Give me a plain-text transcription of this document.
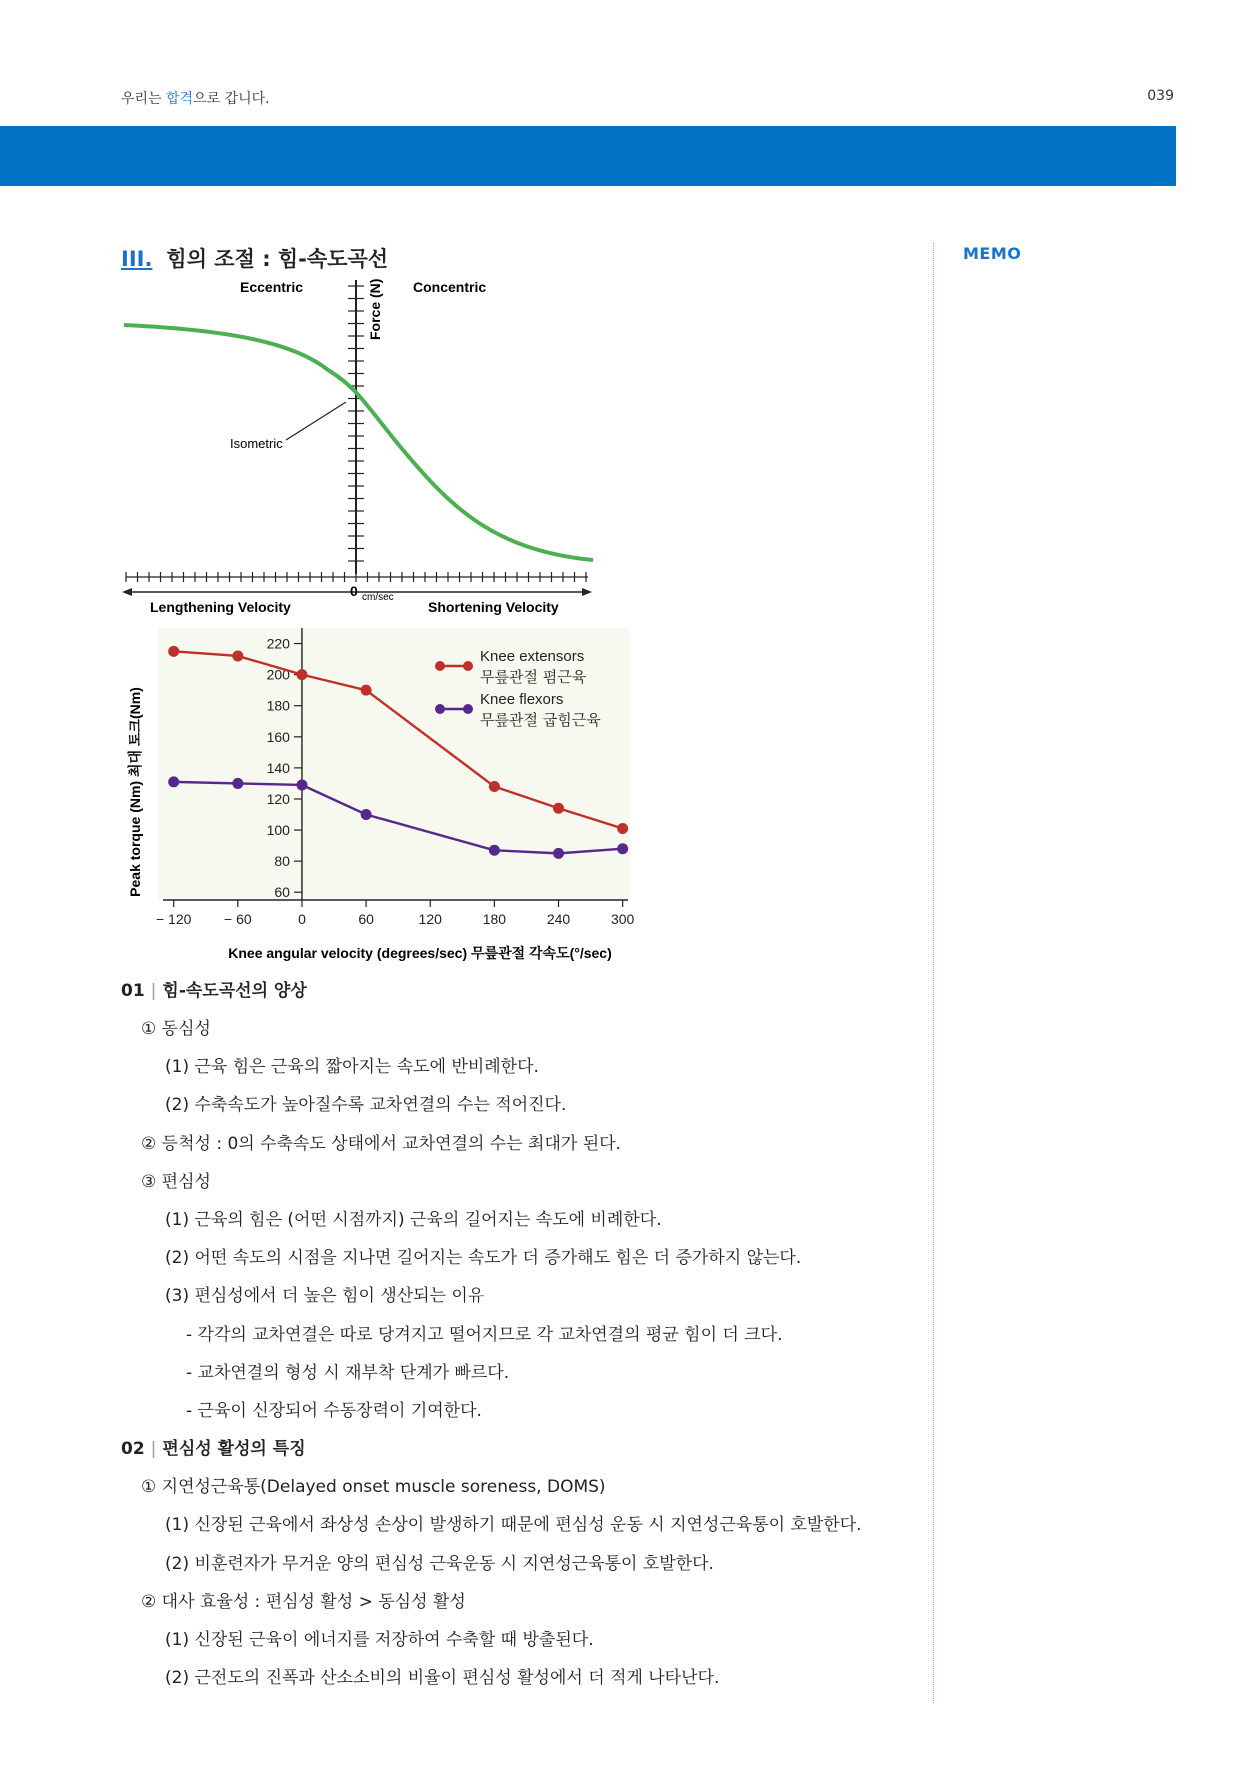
우리는 합격으로 갑니다.	039
III. 힘의 조절 : 힘-속도곡선	MEMO
Eccentric	Concentric
Force (N)
Isometric
0 cm/sec
Lengthening Velocity	Shortening Velocity
60
80
100
120
140
160
180
200
220
− 120 − 60	0	60	120	180	240	300
Knee extensors
무릎관절 폄근육
Knee flexors
무릎관절 굽힘근육
Peak torque (Nm) 최대 토크(Nm)
Knee angular velocity (degrees/sec) 무릎관절 각속도(°/sec)
01 | 힘-속도곡선의 양상
① 동심성
(1) 근육 힘은 근육의 짧아지는 속도에 반비례한다.
(2) 수축속도가 높아질수록 교차연결의 수는 적어진다.
② 등척성 : 0의 수축속도 상태에서 교차연결의 수는 최대가 된다.
③ 편심성
(1) 근육의 힘은 (어떤 시점까지) 근육의 길어지는 속도에 비례한다.
(2) 어떤 속도의 시점을 지나면 길어지는 속도가 더 증가해도 힘은 더 증가하지 않는다.
(3) 편심성에서 더 높은 힘이 생산되는 이유
- 각각의 교차연결은 따로 당겨지고 떨어지므로 각 교차연결의 평균 힘이 더 크다.
- 교차연결의 형성 시 재부착 단계가 빠르다.
- 근육이 신장되어 수동장력이 기여한다.
02 | 편심성 활성의 특징
① 지연성근육통(Delayed onset muscle soreness, DOMS)
(1) 신장된 근육에서 좌상성 손상이 발생하기 때문에 편심성 운동 시 지연성근육통이 호발한다.
(2) 비훈련자가 무거운 양의 편심성 근육운동 시 지연성근육통이 호발한다.
② 대사 효율성 : 편심성 활성 > 동심성 활성
(1) 신장된 근육이 에너지를 저장하여 수축할 때 방출된다.
(2) 근전도의 진폭과 산소소비의 비율이 편심성 활성에서 더 적게 나타난다.
